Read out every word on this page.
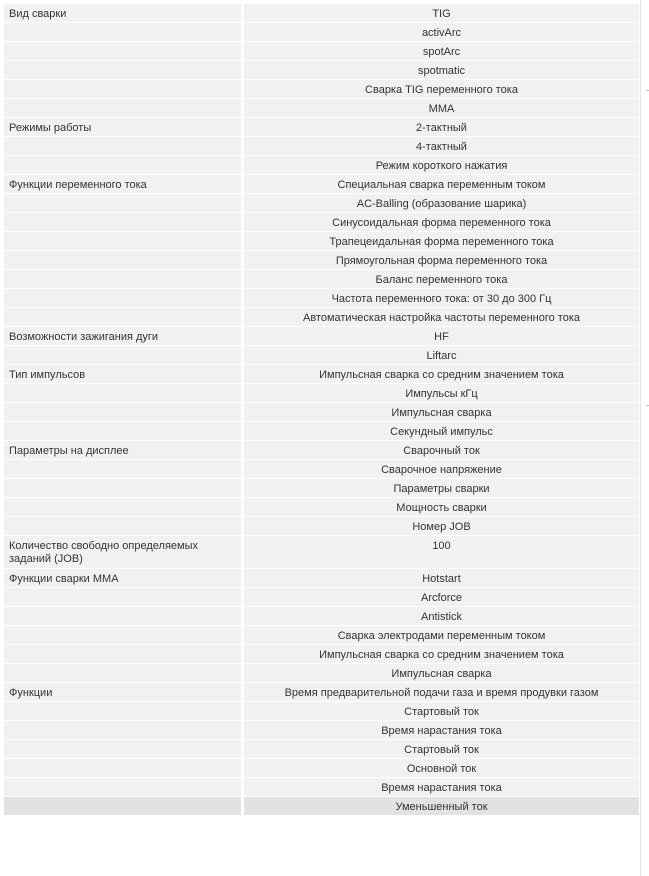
Вид сварки	TIG
	activArc
	spotArc
	spotmatic
	Сварка TIG переменного тока
	MMA
Режимы работы	2-тактный
	4-тактный
	Режим короткого нажатия
Функции переменного тока	Специальная сварка переменным током
	AC-Balling (образование шарика)
	Синусоидальная форма переменного тока
	Трапецеидальная форма переменного тока
	Прямоугольная форма переменного тока
	Баланс переменного тока
	Частота переменного тока: от 30 до 300 Гц
	Автоматическая настройка частоты переменного тока
Возможности зажигания дуги	HF
	Liftarc
Тип импульсов	Импульсная сварка со средним значением тока
	Импульсы кГц
	Импульсная сварка
	Секундный импульс
Параметры на дисплее	Сварочный ток
	Сварочное напряжение
	Параметры сварки
	Мощность сварки
	Номер JOB
Количество свободно определяемых заданий (JOB)	100
Функции сварки MMA	Hotstart
	Arcforce
	Antistick
	Сварка электродами переменным током
	Импульсная сварка со средним значением тока
	Импульсная сварка
Функции	Время предварительной подачи газа и время продувки газом
	Стартовый ток
	Время нарастания тока
	Стартовый ток
	Основной ток
	Время нарастания тока
	Уменьшенный ток
